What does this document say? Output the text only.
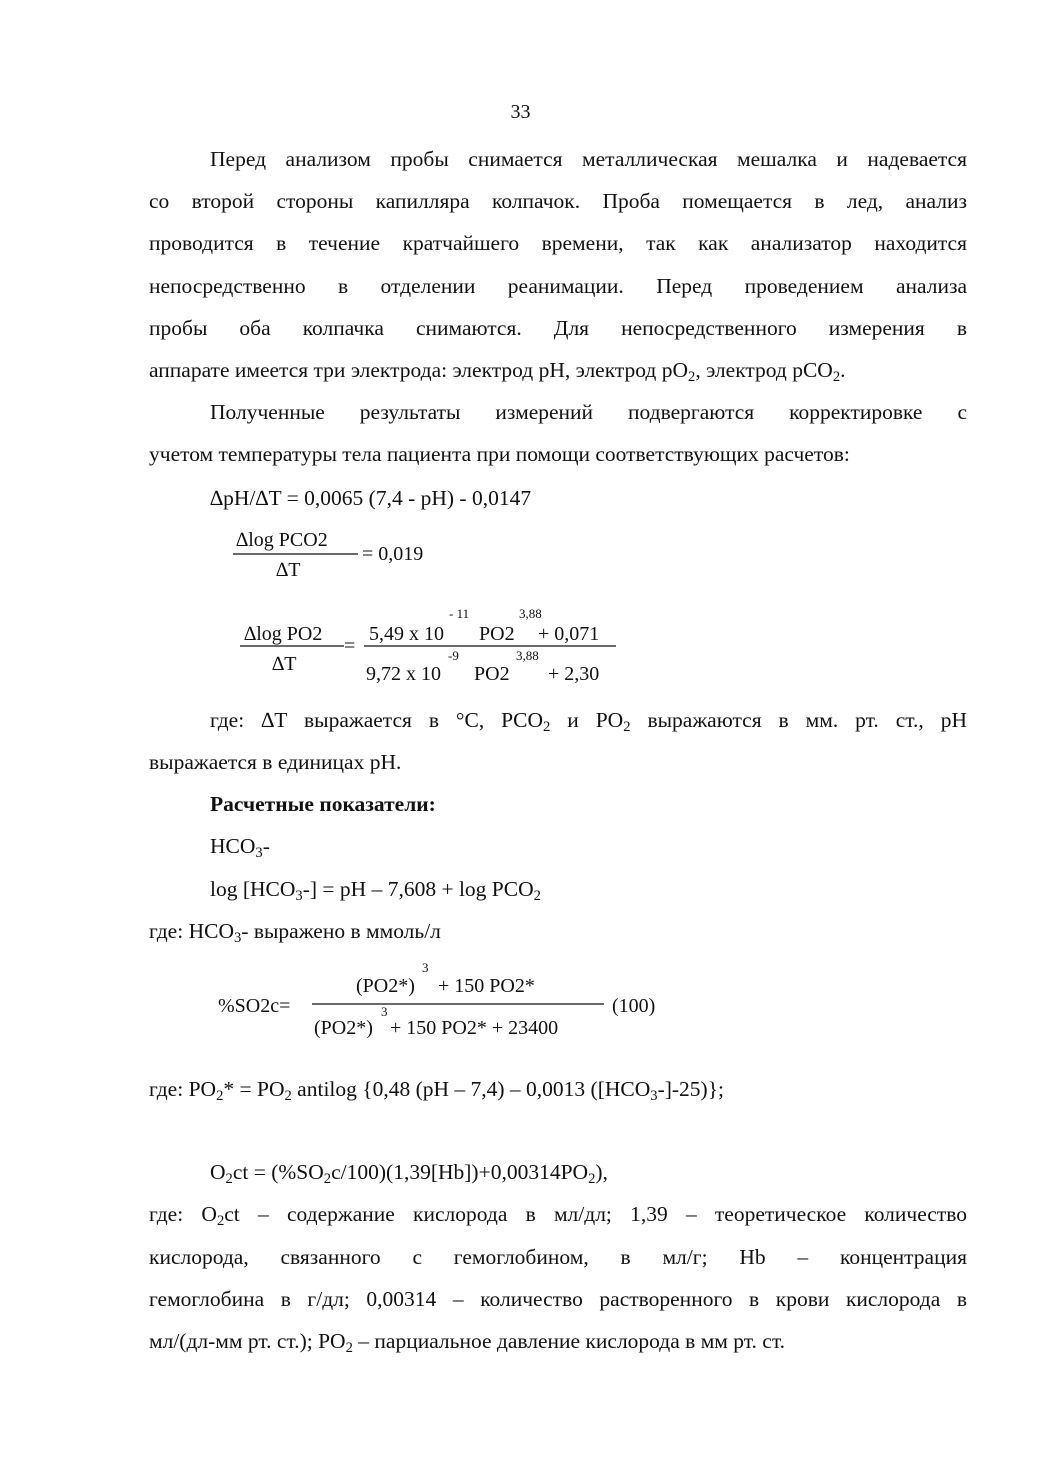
33
Перед анализом пробы снимается металлическая мешалка и надевается
со второй стороны капилляра колпачок. Проба помещается в лед, анализ
проводится в течение кратчайшего времени, так как анализатор находится
непосредственно в отделении реанимации. Перед проведением анализа
пробы оба колпачка снимаются. Для непосредственного измерения в
аппарате имеется три электрода: электрод pH, электрод $pO_2$, электрод pCO$_2$.
Полученные результаты измерений подвергаются корректировке с
учетом температуры тела пациента при помощи соответствующих расчетов:
∆pH/∆T = 0,0065 (7,4 - pH) - 0,0147
∆log PCO2
∆T
= 0,019
∆log PO2
∆T
=
5,49 x 10
- 11
PO2
3,88
+ 0,071
9,72 x 10
-9
PO2
3,88
+ 2,30
где: ∆T выражается в °C, $PCO_2$ и $PO_2$ выражаются в мм. рт. ст., pH
выражается в единицах pH.
Расчетные показатели:
$HCO_3-$
$\log [HCO_3-]$ = pH – $7,608 + \log PCO_2$
где: $HCO_3-$ выражено в ммоль/л
%SO2c=
(PO2*)
3
+ 150 PO2*
(PO2*)
3
+ 150 PO2* + 23400
(100)
где: $PO_2* = PO_2$ antilog {0,48 (pH – 7,4) – 0,0013 $([HCO_3-]-25)$};
$O_2ct = (\%SO_2c/100)(1,39[Hb])+0,00314PO_2$),
где: $O_2ct$ – содержание кислорода в мл/дл; 1,39 – теоретическое количество
кислорода, связанного с гемоглобином, в мл/г; Hb – концентрация
гемоглобина в г/дл; 0,00314 – количество растворенного в крови кислорода в
мл/(дл-мм рт. ст.); $PO_2$ – парциальное давление кислорода в мм рт. ст.
